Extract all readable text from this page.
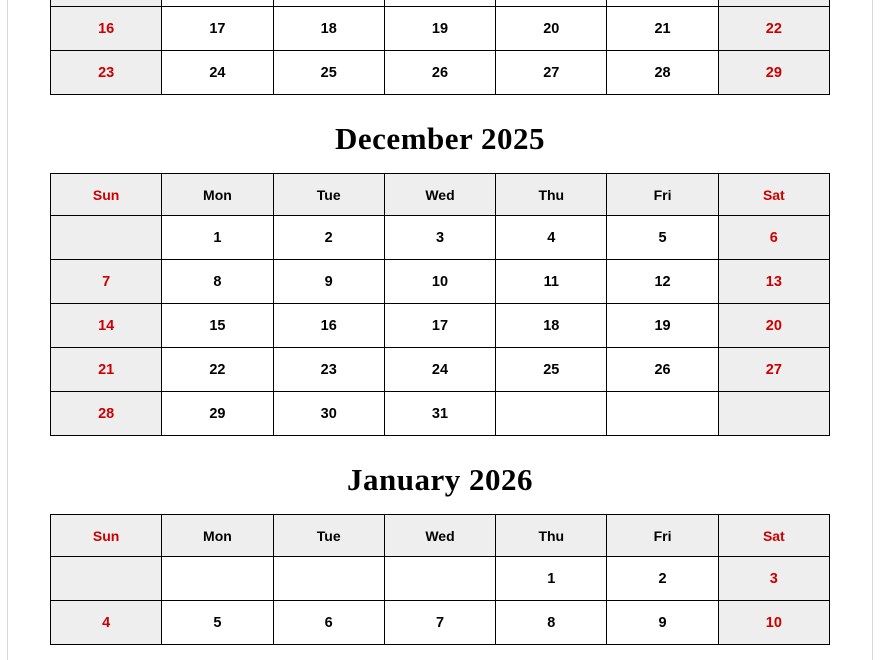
16	17	18	19	20	21	22
23	24	25	26	27	28	29
December 2025
Sun	Mon	Tue	Wed	Thu	Fri	Sat
	1	2	3	4	5	6
7	8	9	10	11	12	13
14	15	16	17	18	19	20
21	22	23	24	25	26	27
28	29	30	31			
January 2026
Sun	Mon	Tue	Wed	Thu	Fri	Sat
				1	2	3
4	5	6	7	8	9	10
